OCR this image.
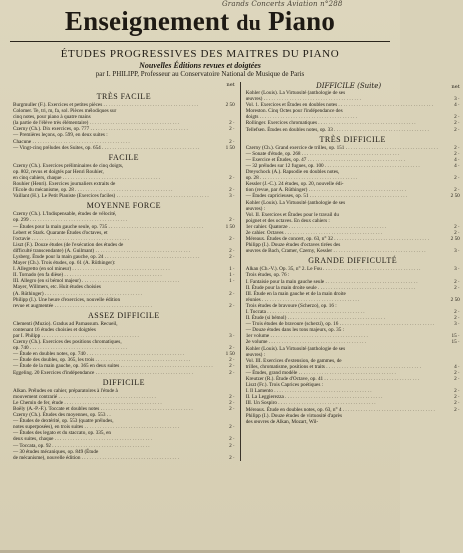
Grands Concerts Aviation n°288
Enseignement du Piano
ÉTUDES PROGRESSIVES DES MAITRES DU PIANO
Nouvelles Éditions revues et doigtées
par I. PHILIPP, Professeur au Conservatoire National de Musique de Paris
net
TRÈS FACILE
Burgmuller (F.). Exercices et petites pièces . . . . .	2 50
Colomer. Te, tri, m, fa, sol. Pièces mélodiques sur
cinq notes, pour piano à quatre mains
(la partie de l'élève très élémentaire) . . .	2 ·
Czerny (Ch.). Dix exercices, op. 777 . . . . . .	2 ·
— Premières leçons, op. 599, en deux suites :
Chacune . . . . . .	2 ·
— Vingt-cinq préludes des Suites, op. 654 . . . . . .	1 50
FACILE
Czerny (Ch.). Exercices préliminaires de cinq doigts,
op. 802, revus et doigtés par Henri Rouhier,
en cinq cahiers, chaque . . . . . .	2 ·
Rouhier (Henri). Exercices journaliers extraits de
l'Ecole du mécanisme, op. 28 . . . . . .	2 ·
Vaillant (H.). Le Petit Pianiste (Exercices faciles) . . . .	3 ·
MOYENNE FORCE
Czerny (Ch.). L'Indispensable, études de vélocité,
op. 299 . . . . . .	2 ·
— Études pour la main gauche seule, op. 735 . . . . .	1 50
Lebert et Stark. Quarante Études d'octaves, et
l'octavie . . . . . .	2 ·
Liszt (F.). Douze études (de l'exécution des études de
difficulté transcendante) (A. Guilmant) . . . . .	2 ·
Lysberg. Étude pour la main gauche, op. 24 . . . . .	2 ·
Mayer (Ch.). Trois études, op. 61 (A. Rüthinger):
I. Allegretto (en sol mineur) . . . . . .	1 ·
II. Tornado (en fa dièse) . . . . . .	1 ·
III. Allegro (en si bémol majeur) . . . . . .	1 ·
Mayer, Willmers, etc. Huit études choisies
(A. Rüthinger) . . . . . .	2 ·
Philipp (I.). Une heure d'exercices, nouvelle édition
revue et augmentée . . . . . .	2 ·
ASSEZ DIFFICILE
Clementi (Muzio). Gradus ad Parnassum. Recueil,
contenant 16 études choisies et doigtées
par I. Philipp . . . . . .	3 ·
Czerny (Ch.). Exercices des positions chromatiques,
op. 740 . . . . . .	2 ·
— Étude en doubles notes, op. 740 . . . . . .	1 50
— Étude des doubles, op. 365, les trois . . . . .	2 ·
— Étude de la main gauche, op. 365 en deux suites . . . .	2 ·
Eggeling. 20 Exercices d'indépendance . . . . . .	2 ·
DIFFICILE
Alkan. Préludes en cahier, préparatoires à l'étude à
mouvement contrarié . . . . . .	2 ·
Le Chemin de fer, étude . . . . . .	2 ·
Boëly (A.-P.-F.). Toccate et doubles notes . . . .	2 ·
Czerny (Ch.). Études des moyennes, op. 553 . .
— Études de dextérité, op. 553 (quatre préludes,
notes superposées), en trois suites . . . . .	2 ·
— Études des legato et du staccato, op. 335, en
deux suites, chaque . . . . . .	2 ·
— Toccata, op. 92 . . . . . .	2 ·
— 30 études mécaniques, op. 849 (Étude
de mécanisme), nouvelle édition . . . . . .	2 ·
DIFFICILE (Suite)	net
Kohler (Louis). La Virtuosité (anthologie de ses
œuvres) . . . . . .	3 ·
Vol. 1. Exercices et Études en doubles notes . . . . .	4 ·
Moreston. Cinq Octes pour l'indépendance des
doigts . . . . . .	2 ·
Rollinger. Exercices chromatiques . . . . . .	2 ·
Tellefsen. Études en doubles notes, op. 33 . . . . .	2 ·
TRÈS DIFFICILE
Czerny (Ch.). Grand exercice de trilles, op. 151 . . . .	2 ·
— Sonate d'étude, op. 268 . . . . . .	2 ·
— Exercice et Études, op. 47 . . . . . .	4 ·
— 32 préludes sur 12 fugues, op. 100 . . . . .	4 ·
Dreyschock (A.). Rapsodie en doubles notes,
op. 28 . . . . . .	2 ·
Kessler (J.-C.). 24 études, op. 20, nouvelle édi-
tion (revue, par A. Rüthinger) . . . . . .	2 ·
— Études capricieuses, op. 51 . . . . . .	2 50
Kohler (Louis). La Virtuosité (anthologie de ses
œuvres) :
Vol. II. Exercices et Études pour le travail du
poignet et des octaves. En deux cahiers :
1er cahier. Quatorze . . . . . .	2 ·
2e cahier. Octaves . . . . . .	2 ·
Méreaux. Études de concert, op. 63, n° 32 . . . . .	2 50
Philipp (I.). Douze études d'octaves tirées des
œuvres de Bach, Cramer, Czerny, Kessler . . . .	3 ·
GRANDE DIFFICULTÉ
Alkan (Ch.-V.). Op. 35, n° 2. Le Fou . . . . . .	3 ·
Trois études, op. 76 :
I. Fantaisie pour la main gauche seule . . . .	2 ·
II. Étude pour la main droite seule . . . . . .	2 ·
III. Étude en la main gauche et de la main droite
réunies . . . . . .	2 50
Trois études de bravoure (Scherzo), op. 16 :
I. Toccata . . . . . .	2 ·
II. Étude (si bémol) . . . . . .	2 ·
— Trois études de bravoure (scherzi), op. 16 . . . . .	3 ·
— Douze études dans les tons majeurs, op. 35 :
1er volume . . . . . .	15 ·
2e volume . . . . . .	15 ·
Kohler (Louis). La Virtuosité (anthologie de ses
œuvres) :
Vol. III. Exercices d'extension, de gammes, de
trilles, chromatisme, positions et traits . . . . .	4 ·
— Études, grand modèle . . . . . .	2 ·
Kreutzer (R.). Étude d'Octave, op. 41 . . . . .	2 ·
Liszt (Fr.). Trois Caprices poétiques :
I. Il Lamento . . . . . .	2 ·
II. La Leggierezza . . . . . .	2 ·
III. Un Sospiro . . . . . .	2 ·
Méreaux. Étude en doubles notes, op. 63, n° 4 . . . .	2 ·
Philipp (I.). Douze études de virtuosité d'après
des œuvres de Alkan, Mozart, Wil-
